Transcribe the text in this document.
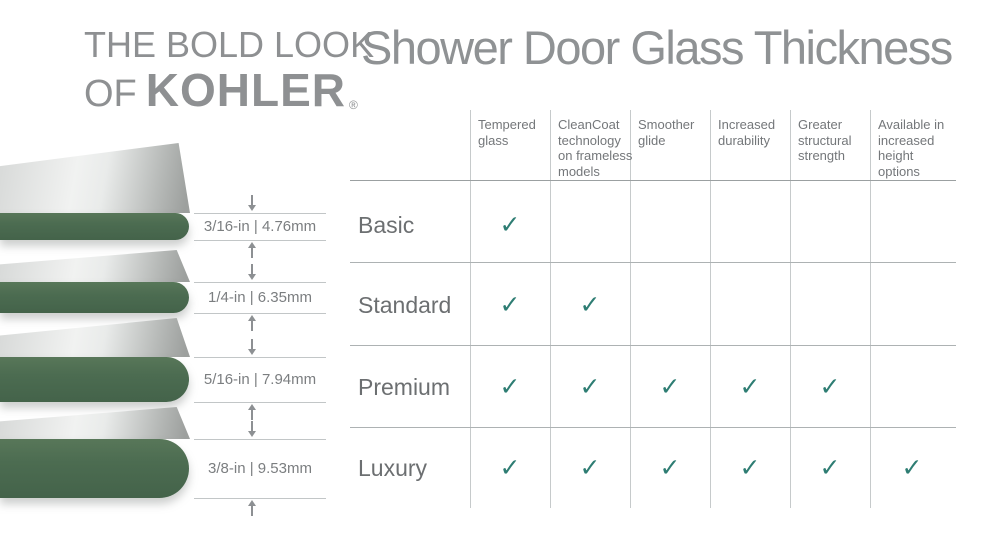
THE BOLD LOOK
OF KOHLER ®
Shower Door Glass Thickness
3/16-in | 4.76mm
1/4-in | 6.35mm
5/16-in | 7.94mm
3/8-in | 9.53mm
Tempered glass
CleanCoat technology on frameless models
Smoother glide
Increased durability
Greater structural strength
Available in increased height options
Basic	✓
Standard ✓ ✓
Premium ✓ ✓ ✓ ✓ ✓
Luxury	✓ ✓ ✓ ✓ ✓ ✓
